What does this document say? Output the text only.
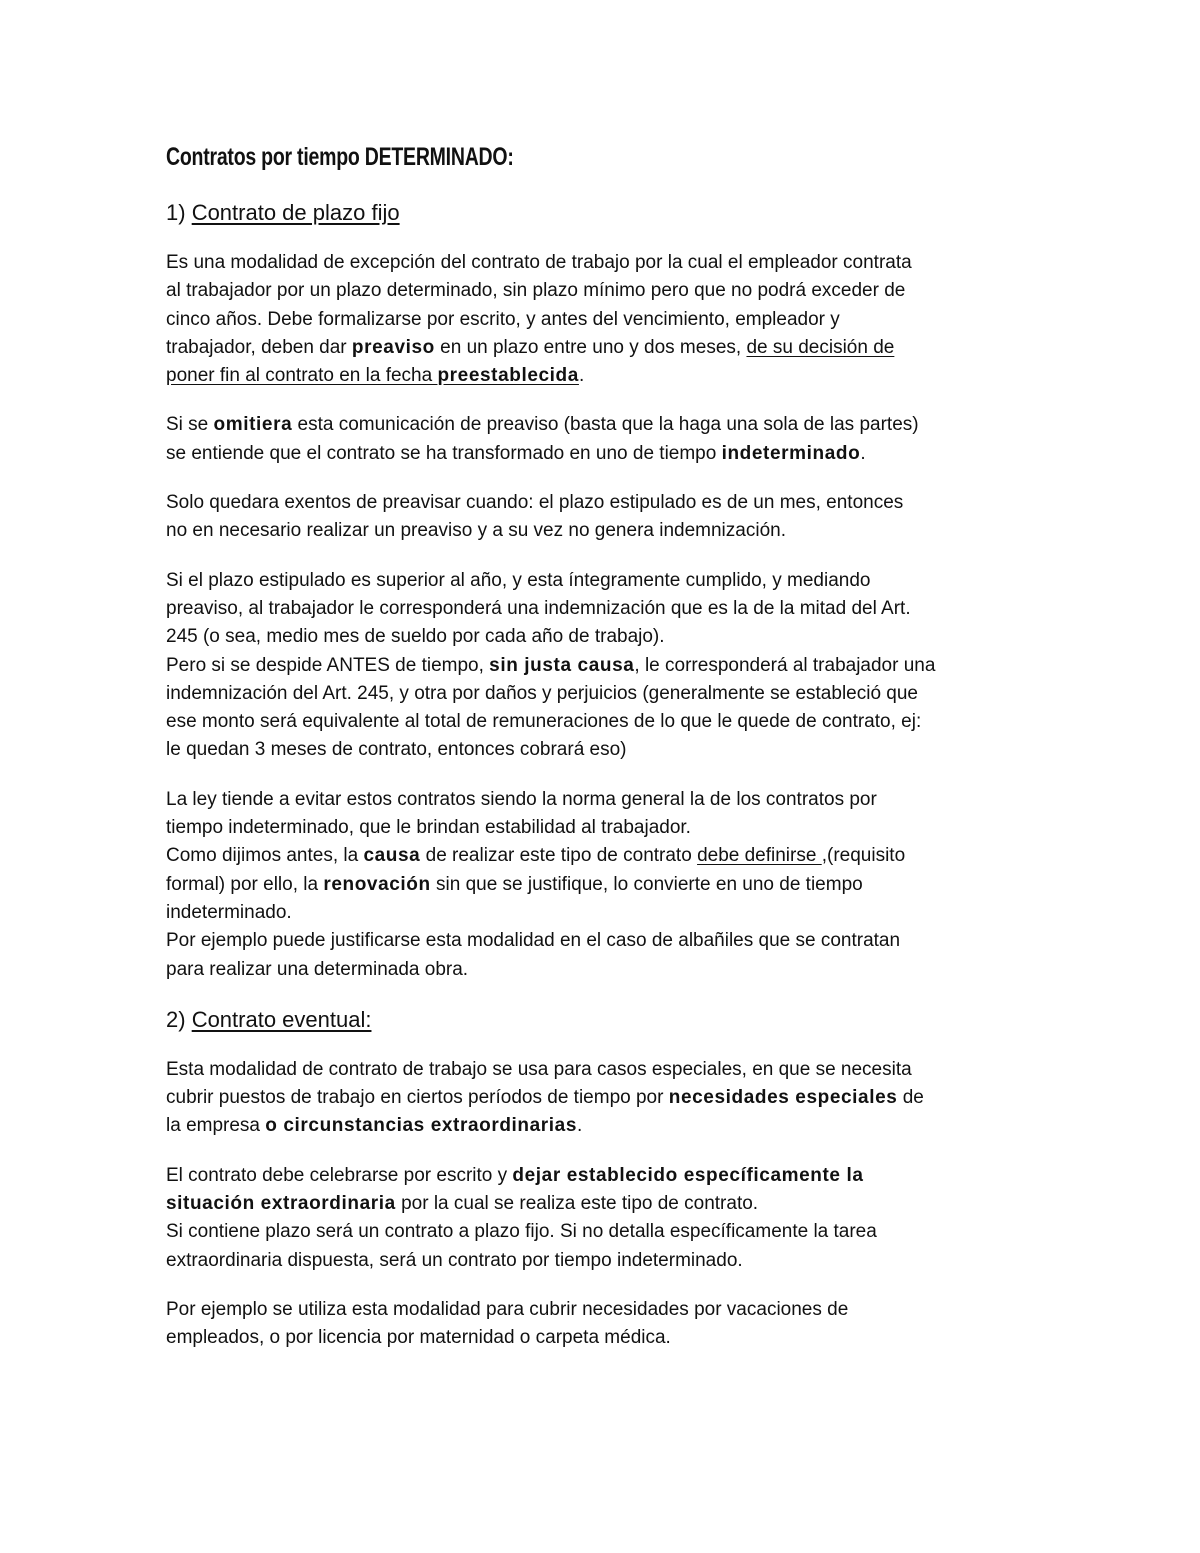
Contratos por tiempo DETERMINADO:
1) Contrato de plazo fijo
Es una modalidad de excepción del contrato de trabajo por la cual el empleador contrata
al trabajador por un plazo determinado, sin plazo mínimo pero que no podrá exceder de
cinco años. Debe formalizarse por escrito, y antes del vencimiento, empleador y
trabajador, deben dar preaviso en un plazo entre uno y dos meses, de su decisión de
poner fin al contrato en la fecha preestablecida.
Si se omitiera esta comunicación de preaviso (basta que la haga una sola de las partes)
se entiende que el contrato se ha transformado en uno de tiempo indeterminado.
Solo quedara exentos de preavisar cuando: el plazo estipulado es de un mes, entonces
no en necesario realizar un preaviso y a su vez no genera indemnización.
Si el plazo estipulado es superior al año, y esta íntegramente cumplido, y mediando
preaviso, al trabajador le corresponderá una indemnización que es la de la mitad del Art.
245 (o sea, medio mes de sueldo por cada año de trabajo).
Pero si se despide ANTES de tiempo, sin justa causa, le corresponderá al trabajador una
indemnización del Art. 245, y otra por daños y perjuicios (generalmente se estableció que
ese monto será equivalente al total de remuneraciones de lo que le quede de contrato, ej:
le quedan 3 meses de contrato, entonces cobrará eso)
La ley tiende a evitar estos contratos siendo la norma general la de los contratos por
tiempo indeterminado, que le brindan estabilidad al trabajador.
Como dijimos antes, la causa de realizar este tipo de contrato debe definirse ,(requisito
formal) por ello, la renovación sin que se justifique, lo convierte en uno de tiempo
indeterminado.
Por ejemplo puede justificarse esta modalidad en el caso de albañiles que se contratan
para realizar una determinada obra.
2) Contrato eventual:
Esta modalidad de contrato de trabajo se usa para casos especiales, en que se necesita
cubrir puestos de trabajo en ciertos períodos de tiempo por necesidades especiales de
la empresa o circunstancias extraordinarias.
El contrato debe celebrarse por escrito y dejar establecido específicamente la
situación extraordinaria por la cual se realiza este tipo de contrato.
Si contiene plazo será un contrato a plazo fijo. Si no detalla específicamente la tarea
extraordinaria dispuesta, será un contrato por tiempo indeterminado.
Por ejemplo se utiliza esta modalidad para cubrir necesidades por vacaciones de
empleados, o por licencia por maternidad o carpeta médica.
